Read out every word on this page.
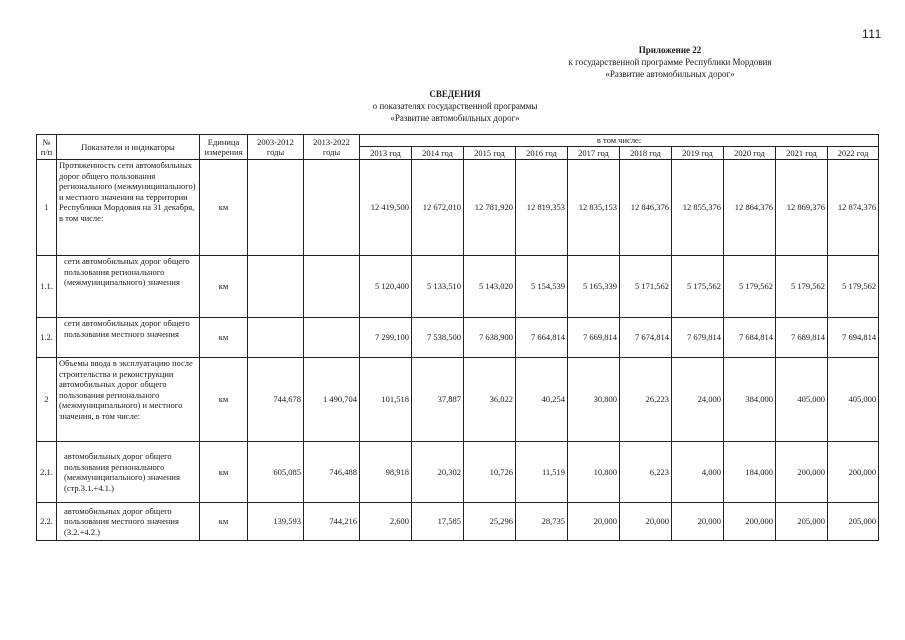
111
Приложение 22
к государственной программе Республики Мордовия
«Развитие автомобильных дорог»
СВЕДЕНИЯ
о показателях государственной программы
«Развитие автомобильных дорог»
№ п/п	Показатели и индикаторы	Единица измерения	2003-2012 годы	2013-2022 годы	в том числе:									
					2013 год	2014 год	2015 год	2016 год	2017 год	2018 год	2019 год	2020 год	2021 год	2022 год
1	Протяженность сети автомобильных дорог общего пользования регионального (межмуниципального) и местного значения на территории Республики Мордовия на 31 декабря, в том числе:	км			12 419,500	12 672,010	12 781,920	12 819,353	12 835,153	12 846,376	12 855,376	12 864,376	12 869,376	12 874,376
1.1.	сети автомобильных дорог общего пользования регионального (межмуниципального) значения	км			5 120,400	5 133,510	5 143,020	5 154,539	5 165,339	5 171,562	5 175,562	5 179,562	5 179,562	5 179,562
1.2.	сети автомобильных дорог общего пользования местного значения	км			7 299,100	7 538,500	7 638,900	7 664,814	7 669,814	7 674,814	7 679,814	7 684,814	7 689,814	7 694,814
2	Объемы ввода в эксплуатацию после строительства и реконструкции автомобильных дорог общего пользования регионального (межмуниципального) и местного значения, в том числе:	км	744,678	1 490,704	101,518	37,887	36,022	40,254	30,800	26,223	24,000	384,000	405,000	405,000
2.1.	автомобильных дорог общего пользования регионального (межмуниципального) значения (стр.3.1.+4.1.)	км	605,085	746,488	98,918	20,302	10,726	11,519	10,800	6,223	4,000	184,000	200,000	200,000
2.2.	автомобильных дорог общего пользования местного значения (3.2.+4.2.)	км	139,593	744,216	2,600	17,585	25,296	28,735	20,000	20,000	20,000	200,000	205,000	205,000
